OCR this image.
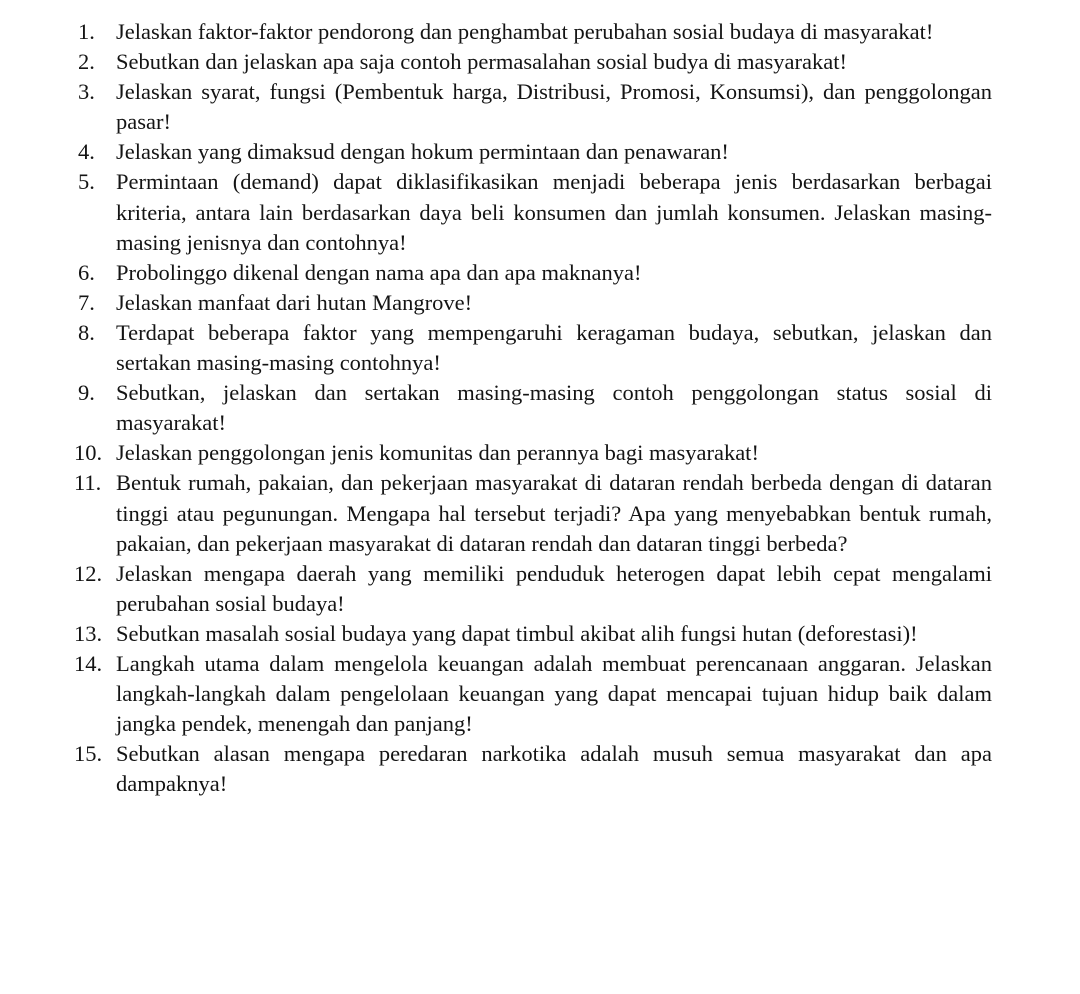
1. Jelaskan faktor-faktor pendorong dan penghambat perubahan sosial budaya di masyarakat!
2. Sebutkan dan jelaskan apa saja contoh permasalahan sosial budya di masyarakat!
3. Jelaskan syarat, fungsi (Pembentuk harga, Distribusi, Promosi, Konsumsi), dan penggolongan pasar!
4. Jelaskan yang dimaksud dengan hokum permintaan dan penawaran!
5. Permintaan (demand) dapat diklasifikasikan menjadi beberapa jenis berdasarkan berbagai kriteria, antara lain berdasarkan daya beli konsumen dan jumlah konsumen. Jelaskan masing-masing jenisnya dan contohnya!
6. Probolinggo dikenal dengan nama apa dan apa maknanya!
7. Jelaskan manfaat dari hutan Mangrove!
8. Terdapat beberapa faktor yang mempengaruhi keragaman budaya, sebutkan, jelaskan dan sertakan masing-masing contohnya!
9. Sebutkan, jelaskan dan sertakan masing-masing contoh penggolongan status sosial di masyarakat!
10. Jelaskan penggolongan jenis komunitas dan perannya bagi masyarakat!
11. Bentuk rumah, pakaian, dan pekerjaan masyarakat di dataran rendah berbeda dengan di dataran tinggi atau pegunungan. Mengapa hal tersebut terjadi? Apa yang menyebabkan bentuk rumah, pakaian, dan pekerjaan masyarakat di dataran rendah dan dataran tinggi berbeda?
12. Jelaskan mengapa daerah yang memiliki penduduk heterogen dapat lebih cepat mengalami perubahan sosial budaya!
13. Sebutkan masalah sosial budaya yang dapat timbul akibat alih fungsi hutan (deforestasi)!
14. Langkah utama dalam mengelola keuangan adalah membuat perencanaan anggaran. Jelaskan langkah-langkah dalam pengelolaan keuangan yang dapat mencapai tujuan hidup baik dalam jangka pendek, menengah dan panjang!
15. Sebutkan alasan mengapa peredaran narkotika adalah musuh semua masyarakat dan apa dampaknya!
